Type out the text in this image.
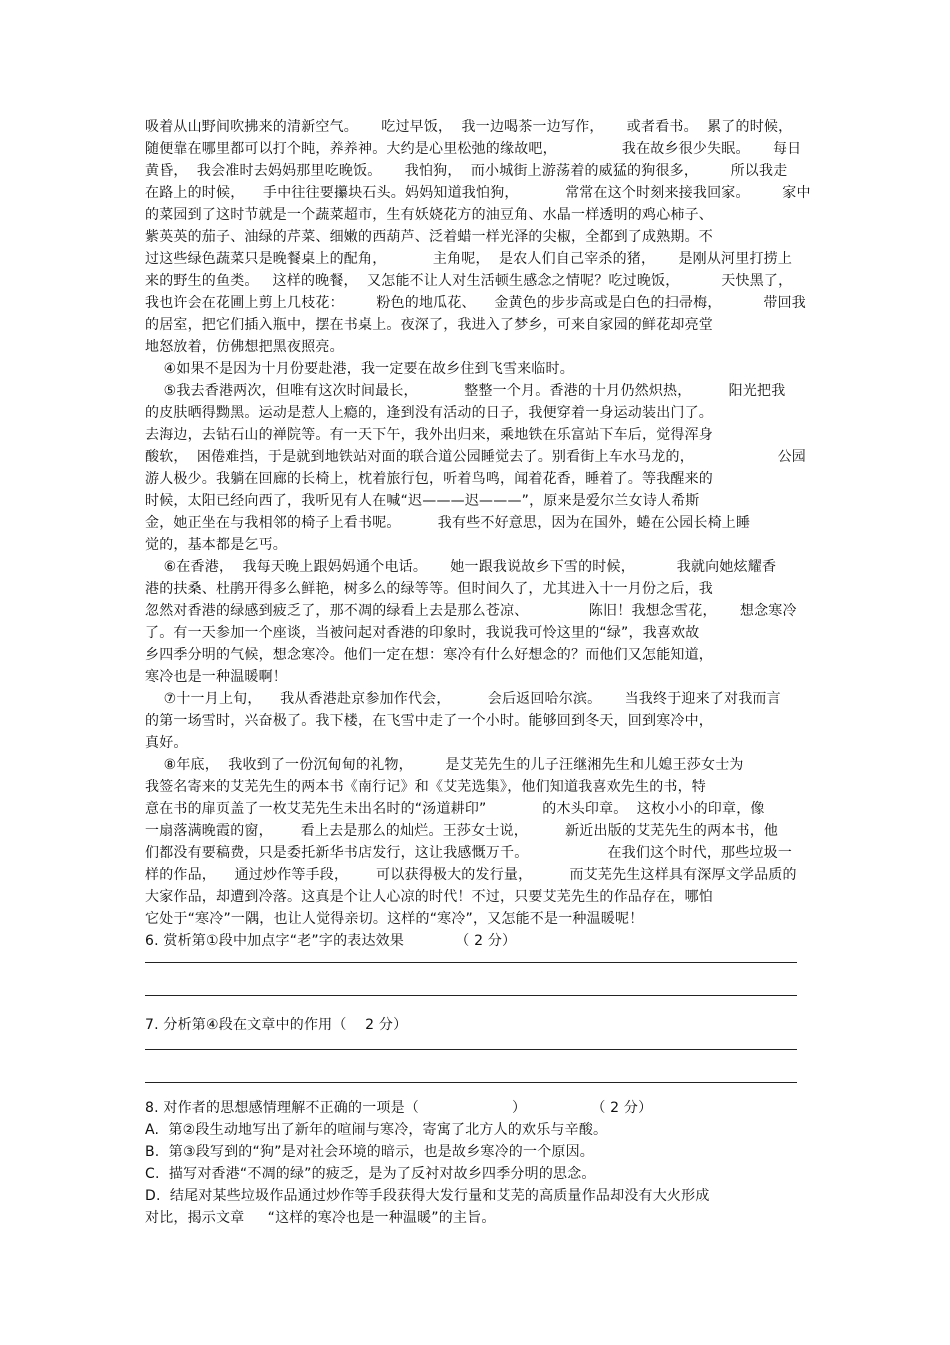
吸着从山野间吹拂来的清新空气。     吃过早饭，  我一边喝茶一边写作，     或者看书。  累了的时候，
随便靠在哪里都可以打个盹，养养神。大约是心里松弛的缘故吧，              我在故乡很少失眠。     每日
黄昏，  我会准时去妈妈那里吃晚饭。     我怕狗，  而小城街上游荡着的威猛的狗很多，       所以我走
在路上的时候，    手中往往要攥块石头。妈妈知道我怕狗，          常常在这个时刻来接我回家。       家中
的菜园到了这时节就是一个蔬菜超市，生有妖娆花方的油豆角、水晶一样透明的鸡心柿子、
紫英英的茄子、油绿的芹菜、细嫩的西葫芦、泛着蜡一样光泽的尖椒，全都到了成熟期。不
过这些绿色蔬菜只是晚餐桌上的配角，          主角呢，  是农人们自己宰杀的猪，     是刚从河里打捞上
来的野生的鱼类。   这样的晚餐，  又怎能不让人对生活顿生感念之情呢？吃过晚饭，         天快黑了，
我也许会在花圃上剪上几枝花：       粉色的地瓜花、    金黄色的步步高或是白色的扫帚梅，         带回我
的居室，把它们插入瓶中，摆在书桌上。夜深了，我进入了梦乡，可来自家园的鲜花却亮堂
地怒放着，仿佛想把黑夜照亮。
④如果不是因为十月份要赴港，我一定要在故乡住到飞雪来临时。
⑤我去香港两次，但唯有这次时间最长，          整整一个月。香港的十月仍然炽热，        阳光把我
的皮肤晒得黝黑。运动是惹人上瘾的，逢到没有活动的日子，我便穿着一身运动装出门了。
去海边，去钻石山的禅院等。有一天下午，我外出归来，乘地铁在乐富站下车后，觉得浑身
酸软，  困倦难挡，于是就到地铁站对面的联合道公园睡觉去了。别看街上车水马龙的，                  公园
游人极少。我躺在回廊的长椅上，枕着旅行包，听着鸟鸣，闻着花香，睡着了。等我醒来的
时候，太阳已经向西了，我听见有人在喊“迟———迟———”，原来是爱尔兰女诗人希斯
金，她正坐在与我相邻的椅子上看书呢。        我有些不好意思，因为在国外，蜷在公园长椅上睡
觉的，基本都是乞丐。
⑥在香港，  我每天晚上跟妈妈通个电话。     她一跟我说故乡下雪的时候，         我就向她炫耀香
港的扶桑、杜鹃开得多么鲜艳，树多么的绿等等。但时间久了，尤其进入十一月份之后，我
忽然对香港的绿感到疲乏了，那不凋的绿看上去是那么苍凉、             陈旧！我想念雪花，     想念寒冷
了。有一天参加一个座谈，当被问起对香港的印象时，我说我可怜这里的“绿”，我喜欢故
乡四季分明的气候，想念寒冷。他们一定在想：寒冷有什么好想念的？而他们又怎能知道，
寒冷也是一种温暖啊！
⑦十一月上旬，    我从香港赴京参加作代会，        会后返回哈尔滨。     当我终于迎来了对我而言
的第一场雪时，兴奋极了。我下楼，在飞雪中走了一个小时。能够回到冬天，回到寒冷中，
真好。
⑧年底，  我收到了一份沉甸甸的礼物，       是艾芜先生的儿子汪继湘先生和儿媳王莎女士为
我签名寄来的艾芜先生的两本书《南行记》和《艾芜选集》，他们知道我喜欢先生的书，特
意在书的扉页盖了一枚艾芜先生未出名时的“汤道耕印”            的木头印章。  这枚小小的印章，像
一扇落满晚霞的窗，      看上去是那么的灿烂。王莎女士说，        新近出版的艾芜先生的两本书，他
们都没有要稿费，只是委托新华书店发行，这让我感慨万千。                 在我们这个时代，那些垃圾一
样的作品，    通过炒作等手段，      可以获得极大的发行量，        而艾芜先生这样具有深厚文学品质的
大家作品，却遭到冷落。这真是个让人心凉的时代！不过，只要艾芜先生的作品存在，哪怕
它处于“寒冷”一隅，也让人觉得亲切。这样的“寒冷”，又怎能不是一种温暖呢！
6. 赏析第①段中加点字“老”字的表达效果           （ 2 分）
7. 分析第④段在文章中的作用（    2 分）
8. 对作者的思想感情理解不正确的一项是（                    ）              （ 2 分）
A.  第②段生动地写出了新年的喧闹与寒冷，寄寓了北方人的欢乐与辛酸。
B.  第③段写到的“狗”是对社会环境的暗示，也是故乡寒冷的一个原因。
C.  描写对香港“不凋的绿”的疲乏，是为了反衬对故乡四季分明的思念。
D.  结尾对某些垃圾作品通过炒作等手段获得大发行量和艾芜的高质量作品却没有大火形成
对比，揭示文章     “这样的寒冷也是一种温暖”的主旨。
